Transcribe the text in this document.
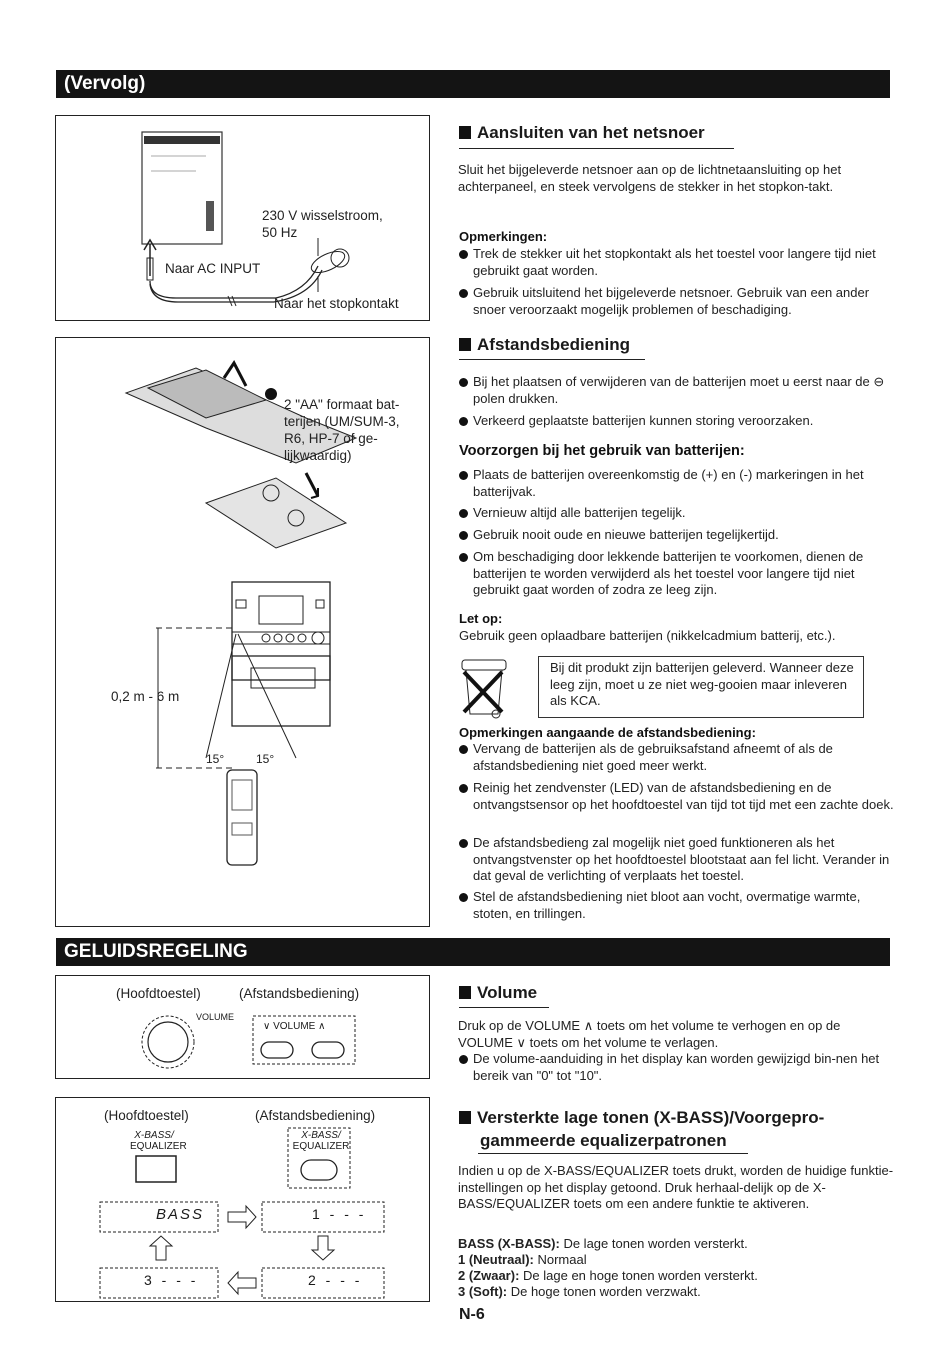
(Vervolg)
GELUIDSREGELING
230 V wisselstroom,
50 Hz
Naar AC INPUT
Naar het stopkontakt
2 "AA" formaat bat-
terijen (UM/SUM-3,
R6, HP-7 of ge-
lijkwaardig)
0,2 m - 6 m
15°	15°
(Hoofdtoestel)	(Afstandsbediening)
VOLUME
∨ VOLUME ∧
(Hoofdtoestel)	(Afstandsbediening)
X-BASS/
EQUALIZER
X-BASS/
EQUALIZER
BASS	1 - - -
3 - - -	2 - - -
Aansluiten van het netsnoer
Sluit het bijgeleverde netsnoer aan op de lichtnetaansluiting op het achterpaneel, en steek vervolgens de stekker in het stopkon-takt.
Opmerkingen:
Trek de stekker uit het stopkontakt als het toestel voor langere tijd niet gebruikt gaat worden.
Gebruik uitsluitend het bijgeleverde netsnoer. Gebruik van een ander snoer veroorzaakt mogelijk problemen of beschadiging.
Afstandsbediening
Bij het plaatsen of verwijderen van de batterijen moet u eerst naar de ⊖ polen drukken.
Verkeerd geplaatste batterijen kunnen storing veroorzaken.
Voorzorgen bij het gebruik van batterijen:
Plaats de batterijen overeenkomstig de (+) en (-) markeringen in het batterijvak.
Vernieuw altijd alle batterijen tegelijk.
Gebruik nooit oude en nieuwe batterijen tegelijkertijd.
Om beschadiging door lekkende batterijen te voorkomen, dienen de batterijen te worden verwijderd als het toestel voor langere tijd niet gebruikt gaat worden of zodra ze leeg zijn.
Let op:
Gebruik geen oplaadbare batterijen (nikkelcadmium batterij, etc.).
Bij dit produkt zijn batterijen geleverd. Wanneer deze leeg zijn, moet u ze niet weg-gooien maar inleveren als KCA.
Opmerkingen aangaande de afstandsbediening:
Vervang de batterijen als de gebruiksafstand afneemt of als de afstandsbediening niet goed meer werkt.
Reinig het zendvenster (LED) van de afstandsbediening en de ontvangstsensor op het hoofdtoestel van tijd tot tijd met een zachte doek.
De afstandsbedieng zal mogelijk niet goed funktioneren als het ontvangstvenster op het hoofdtoestel blootstaat aan fel licht. Verander in dat geval de verlichting of verplaats het toestel.
Stel de afstandsbediening niet bloot aan vocht, overmatige warmte, stoten, en trillingen.
Volume
Druk op de VOLUME ∧ toets om het volume te verhogen en op de VOLUME ∨ toets om het volume te verlagen.
De volume-aanduiding in het display kan worden gewijzigd bin-nen het bereik van "0" tot "10".
Versterkte lage tonen (X-BASS)/Voorgepro-
gammeerde equalizerpatronen
Indien u op de X-BASS/EQUALIZER toets drukt, worden de huidige funktie-instellingen op het display getoond. Druk herhaal-delijk op de X-BASS/EQUALIZER toets om een andere funktie te aktiveren.
BASS (X-BASS): De lage tonen worden versterkt.
1 (Neutraal): Normaal
2 (Zwaar): De lage en hoge tonen worden versterkt.
3 (Soft): De hoge tonen worden verzwakt.
N-6
